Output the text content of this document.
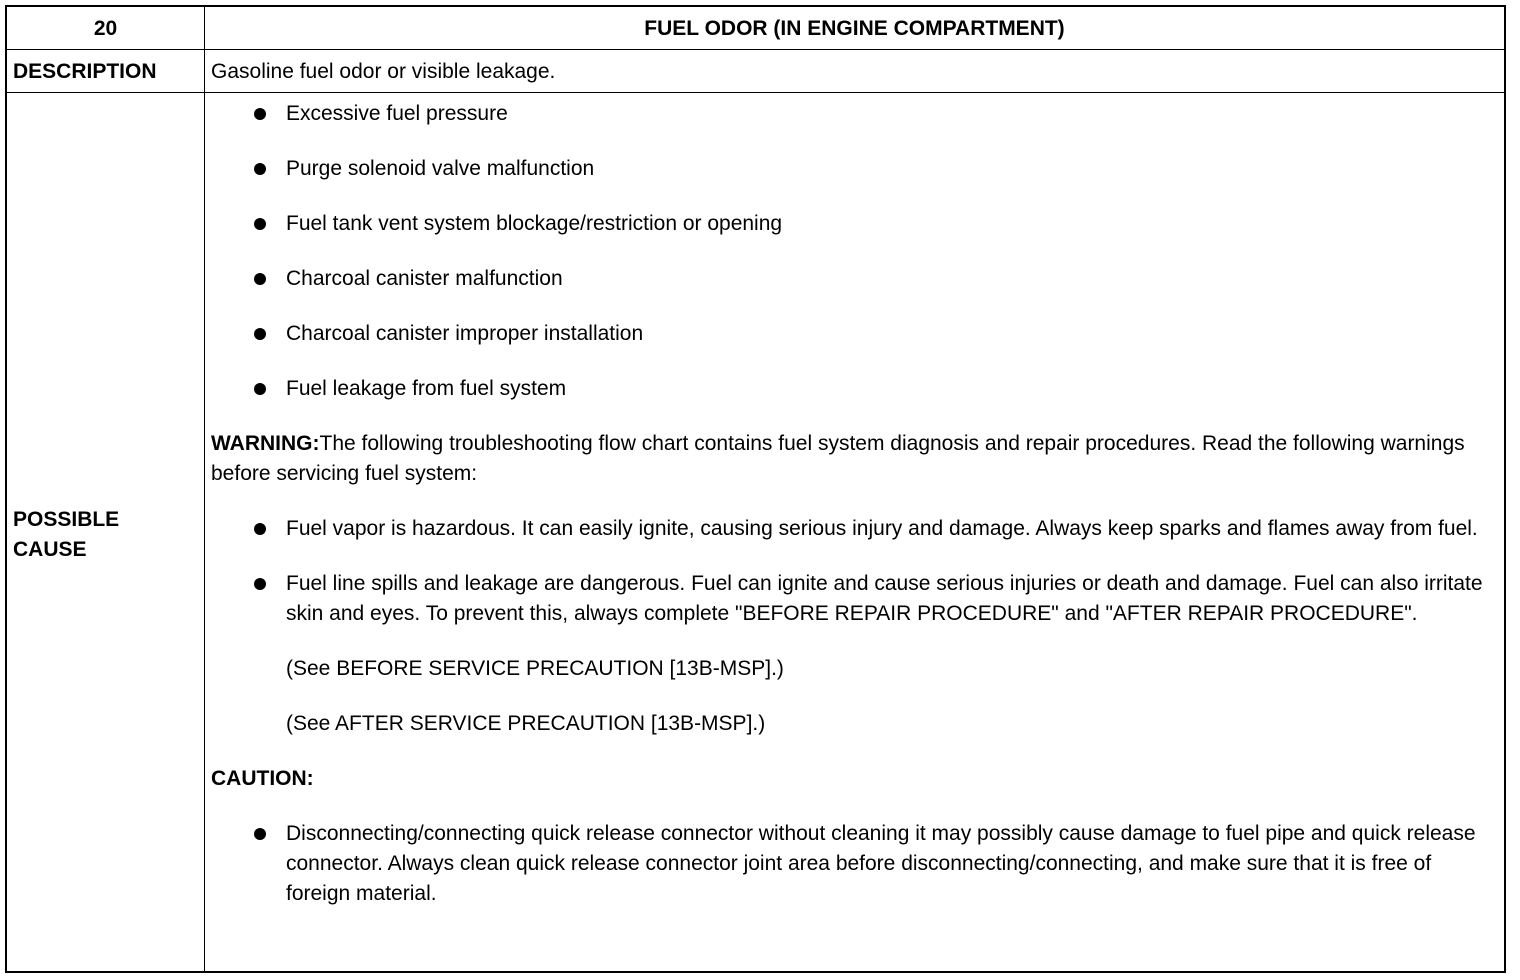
20	FUEL ODOR (IN ENGINE COMPARTMENT)
DESCRIPTION	Gasoline fuel odor or visible leakage.
POSSIBLE
CAUSE
Excessive fuel pressure
Purge solenoid valve malfunction
Fuel tank vent system blockage/restriction or opening
Charcoal canister malfunction
Charcoal canister improper installation
Fuel leakage from fuel system
WARNING:The following troubleshooting flow chart contains fuel system diagnosis and repair procedures. Read the following warnings before servicing fuel system:
Fuel vapor is hazardous. It can easily ignite, causing serious injury and damage. Always keep sparks and flames away from fuel.
Fuel line spills and leakage are dangerous. Fuel can ignite and cause serious injuries or death and damage. Fuel can also irritate skin and eyes. To prevent this, always complete "BEFORE REPAIR PROCEDURE" and "AFTER REPAIR PROCEDURE".
(See BEFORE SERVICE PRECAUTION [13B-MSP].)
(See AFTER SERVICE PRECAUTION [13B-MSP].)
CAUTION:
Disconnecting/connecting quick release connector without cleaning it may possibly cause damage to fuel pipe and quick release connector. Always clean quick release connector joint area before disconnecting/connecting, and make sure that it is free of foreign material.
